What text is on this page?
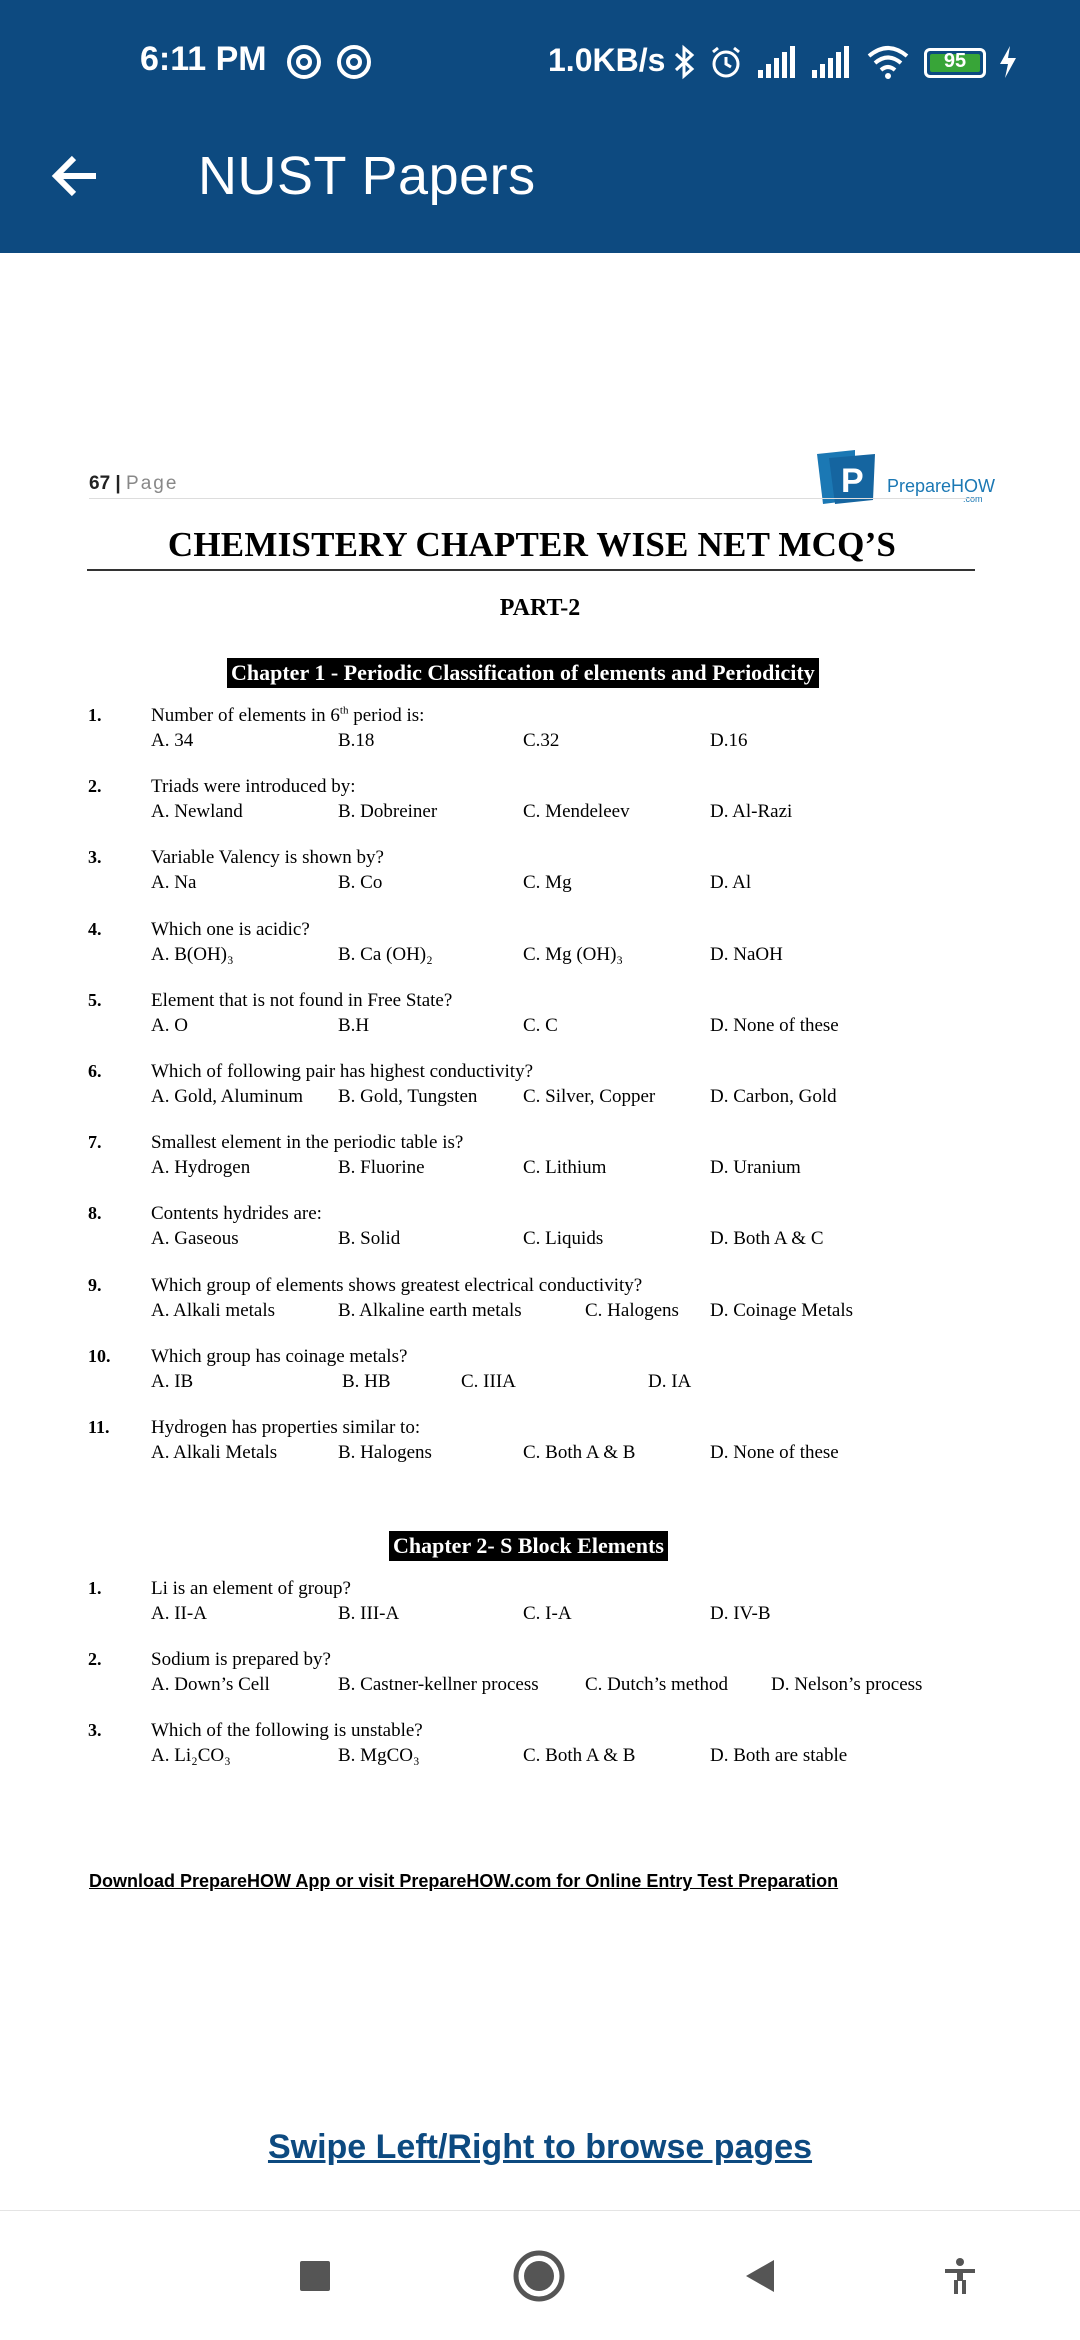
6:11 PM	1.0KB/s	95
NUST Papers
67 | Page	P PrepareHOW
.com
CHEMISTERY CHAPTER WISE NET MCQ’S
PART-2
Download PrepareHOW App or visit PrepareHOW.com for Online Entry Test Preparation
Chapter 1 - Periodic Classification of elements and Periodicity
1.	Number of elements in 6th period is:
A. 34	B.18	C.32	D.16
2.	Triads were introduced by:
A. Newland	B. Dobreiner	C. Mendeleev	D. Al-Razi
3.	Variable Valency is shown by?
A. Na	B. Co	C. Mg	D. Al
4.	Which one is acidic?
A. B(OH)₃	B. Ca (OH)₂	C. Mg (OH)₃	D. NaOH
5.	Element that is not found in Free State?
A. O	B.H	C. C	D. None of these
6.	Which of following pair has highest conductivity?
A. Gold, Aluminum B. Gold, Tungsten C. Silver, Copper	D. Carbon, Gold
7.	Smallest element in the periodic table is?
A. Hydrogen	B. Fluorine	C. Lithium	D. Uranium
8.	Contents hydrides are:
A. Gaseous	B. Solid	C. Liquids	D. Both A & C
9.	Which group of elements shows greatest electrical conductivity?
A. Alkali metals	B. Alkaline earth metals	C. Halogens D. Coinage Metals
10. Which group has coinage metals?
A. IB	B. HB	C. IIIA	D. IA
11. Hydrogen has properties similar to:
A. Alkali Metals	B. Halogens	C. Both A & B	D. None of these
Chapter 2- S Block Elements
1.	Li is an element of group?
A. II-A	B. III-A	C. I-A	D. IV-B
2.	Sodium is prepared by?
A. Down’s Cell	B. Castner-kellner process C. Dutch’s method D. Nelson’s process
3.	Which of the following is unstable?
A. Li₂CO₃	B. MgCO₃	C. Both A & B	D. Both are stable
Swipe Left/Right to browse pages
